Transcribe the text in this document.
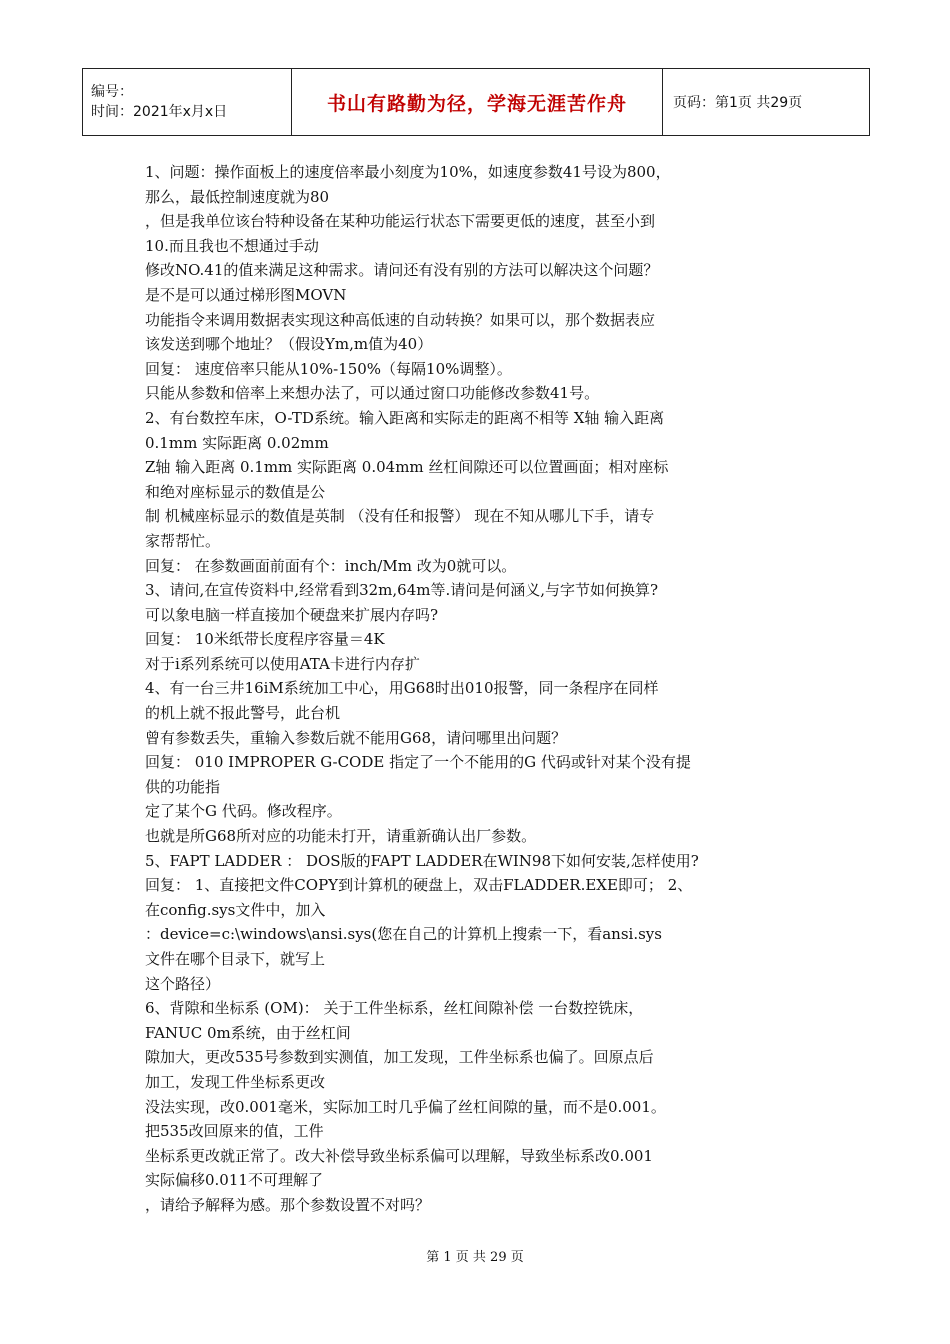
编号：
时间：2021年x月x日	书山有路勤为径，学海无涯苦作舟	页码：第1页 共29页

1、问题：操作面板上的速度倍率最小刻度为10%，如速度参数41号设为800，

那么，最低控制速度就为80

，但是我单位该台特种设备在某种功能运行状态下需要更低的速度，甚至小到

10.而且我也不想通过手动

修改NO.41的值来满足这种需求。请问还有没有别的方法可以解决这个问题？

是不是可以通过梯形图MOVN

功能指令来调用数据表实现这种高低速的自动转换？如果可以，那个数据表应

该发送到哪个地址？（假设Ym,m值为40）

回复： 速度倍率只能从10%-150%（每隔10%调整）。

只能从参数和倍率上来想办法了，可以通过窗口功能修改参数41号。

2、有台数控车床，O-TD系统。输入距离和实际走的距离不相等 X轴 输入距离

0.1mm 实际距离 0.02mm

Z轴 输入距离 0.1mm 实际距离 0.04mm 丝杠间隙还可以位置画面；相对座标

和绝对座标显示的数值是公

制 机械座标显示的数值是英制 （没有任和报警） 现在不知从哪儿下手，请专

家帮帮忙。

回复： 在参数画面前面有个：inch/Mm 改为0就可以。

3、请问,在宣传资料中,经常看到32m,64m等.请问是何涵义,与字节如何换算?

可以象电脑一样直接加个硬盘来扩展内存吗?

回复： 10米纸带长度程序容量＝4K

对于i系列系统可以使用ATA卡进行内存扩

4、有一台三井16iM系统加工中心，用G68时出010报警，同一条程序在同样

的机上就不报此警号，此台机

曾有参数丢失，重输入参数后就不能用G68，请问哪里出问题？

回复： 010 IMPROPER G-CODE 指定了一个不能用的G 代码或针对某个没有提

供的功能指

定了某个G 代码。修改程序。

也就是所G68所对应的功能未打开，请重新确认出厂参数。

5、FAPT LADDER ： DOS版的FAPT LADDER在WIN98下如何安装,怎样使用?

回复： 1、直接把文件COPY到计算机的硬盘上，双击FLADDER.EXE即可； 2、

在config.sys文件中，加入

：device=c:\windows\ansi.sys(您在自己的计算机上搜索一下，看ansi.sys

文件在哪个目录下，就写上

这个路径）

6、背隙和坐标系 (OM)： 关于工件坐标系，丝杠间隙补偿 一台数控铣床，

FANUC 0m系统，由于丝杠间

隙加大，更改535号参数到实测值，加工发现，工件坐标系也偏了。回原点后

加工，发现工件坐标系更改

没法实现，改0.001毫米，实际加工时几乎偏了丝杠间隙的量，而不是0.001。

把535改回原来的值，工件

坐标系更改就正常了。改大补偿导致坐标系偏可以理解，导致坐标系改0.001

实际偏移0.011不可理解了

，请给予解释为感。那个参数设置不对吗？

第 1 页 共 29 页
